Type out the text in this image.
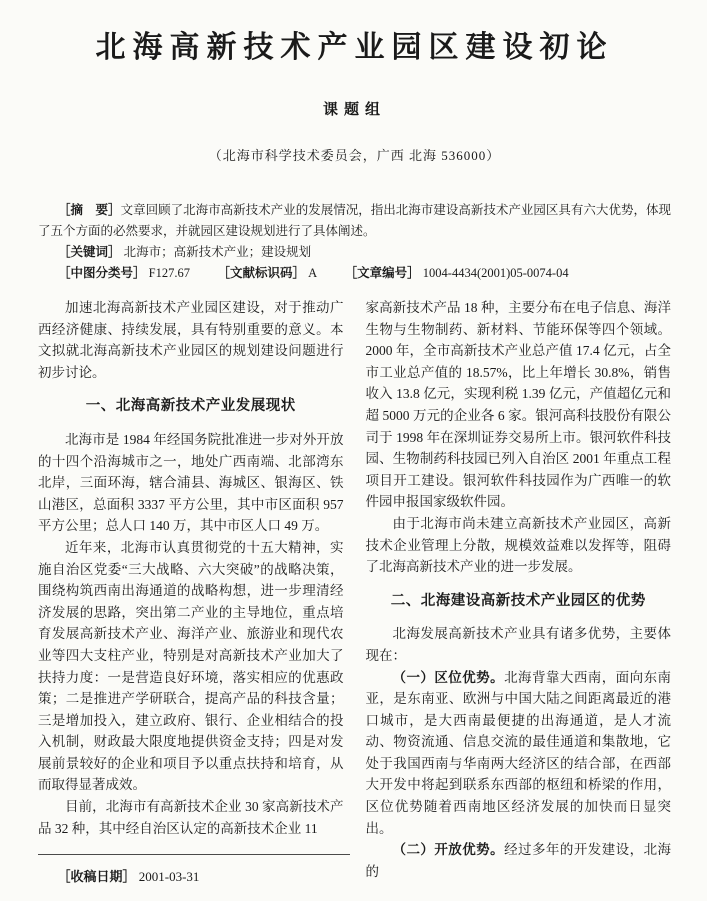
北海高新技术产业园区建设初论
课题组
（北海市科学技术委员会，广西 北海 536000）

［摘　要］文章回顾了北海市高新技术产业的发展情况，指出北海市建设高新技术产业园区具有六大优势，体现了五个方面的必然要求，并就园区建设规划进行了具体阐述。

［关键词］ 北海市；高新技术产业；建设规划

［中图分类号］ F127.67 ［文献标识码］ A ［文章编号］ 1004-4434(2001)05-0074-04

加速北海高新技术产业园区建设，对于推动广西经济健康、持续发展，具有特别重要的意义。本文拟就北海高新技术产业园区的规划建设问题进行初步讨论。

一、北海高新技术产业发展现状

北海市是 1984 年经国务院批准进一步对外开放的十四个沿海城市之一，地处广西南端、北部湾东北岸，三面环海，辖合浦县、海城区、银海区、铁山港区，总面积 3337 平方公里，其中市区面积 957 平方公里；总人口 140 万，其中市区人口 49 万。

近年来，北海市认真贯彻党的十五大精神，实施自治区党委“三大战略、六大突破”的战略决策，围绕构筑西南出海通道的战略构想，进一步理清经济发展的思路，突出第二产业的主导地位，重点培育发展高新技术产业、海洋产业、旅游业和现代农业等四大支柱产业，特别是对高新技术产业加大了扶持力度：一是营造良好环境，落实相应的优惠政策；二是推进产学研联合，提高产品的科技含量；三是增加投入，建立政府、银行、企业相结合的投入机制，财政最大限度地提供资金支持；四是对发展前景较好的企业和项目予以重点扶持和培育，从而取得显著成效。

目前，北海市有高新技术企业 30 家高新技术产品 32 种，其中经自治区认定的高新技术企业 11

家高新技术产品 18 种，主要分布在电子信息、海洋生物与生物制药、新材料、节能环保等四个领域。2000 年，全市高新技术产业总产值 17.4 亿元，占全市工业总产值的 18.57%，比上年增长 30.8%，销售收入 13.8 亿元，实现利税 1.39 亿元，产值超亿元和超 5000 万元的企业各 6 家。银河高科技股份有限公司于 1998 年在深圳证券交易所上市。银河软件科技园、生物制药科技园已列入自治区 2001 年重点工程项目开工建设。银河软件科技园作为广西唯一的软件园申报国家级软件园。

由于北海市尚未建立高新技术产业园区，高新技术企业管理上分散，规模效益难以发挥等，阻碍了北海高新技术产业的进一步发展。

二、北海建设高新技术产业园区的优势

北海发展高新技术产业具有诸多优势，主要体现在：

（一）区位优势。北海背靠大西南，面向东南亚，是东南亚、欧洲与中国大陆之间距离最近的港口城市，是大西南最便捷的出海通道，是人才流动、物资流通、信息交流的最佳通道和集散地，它处于我国西南与华南两大经济区的结合部，在西部大开发中将起到联系东西部的枢纽和桥梁的作用，区位优势随着西南地区经济发展的加快而日显突出。

（二）开放优势。经过多年的开发建设，北海的

［收稿日期］ 2001-03-31
